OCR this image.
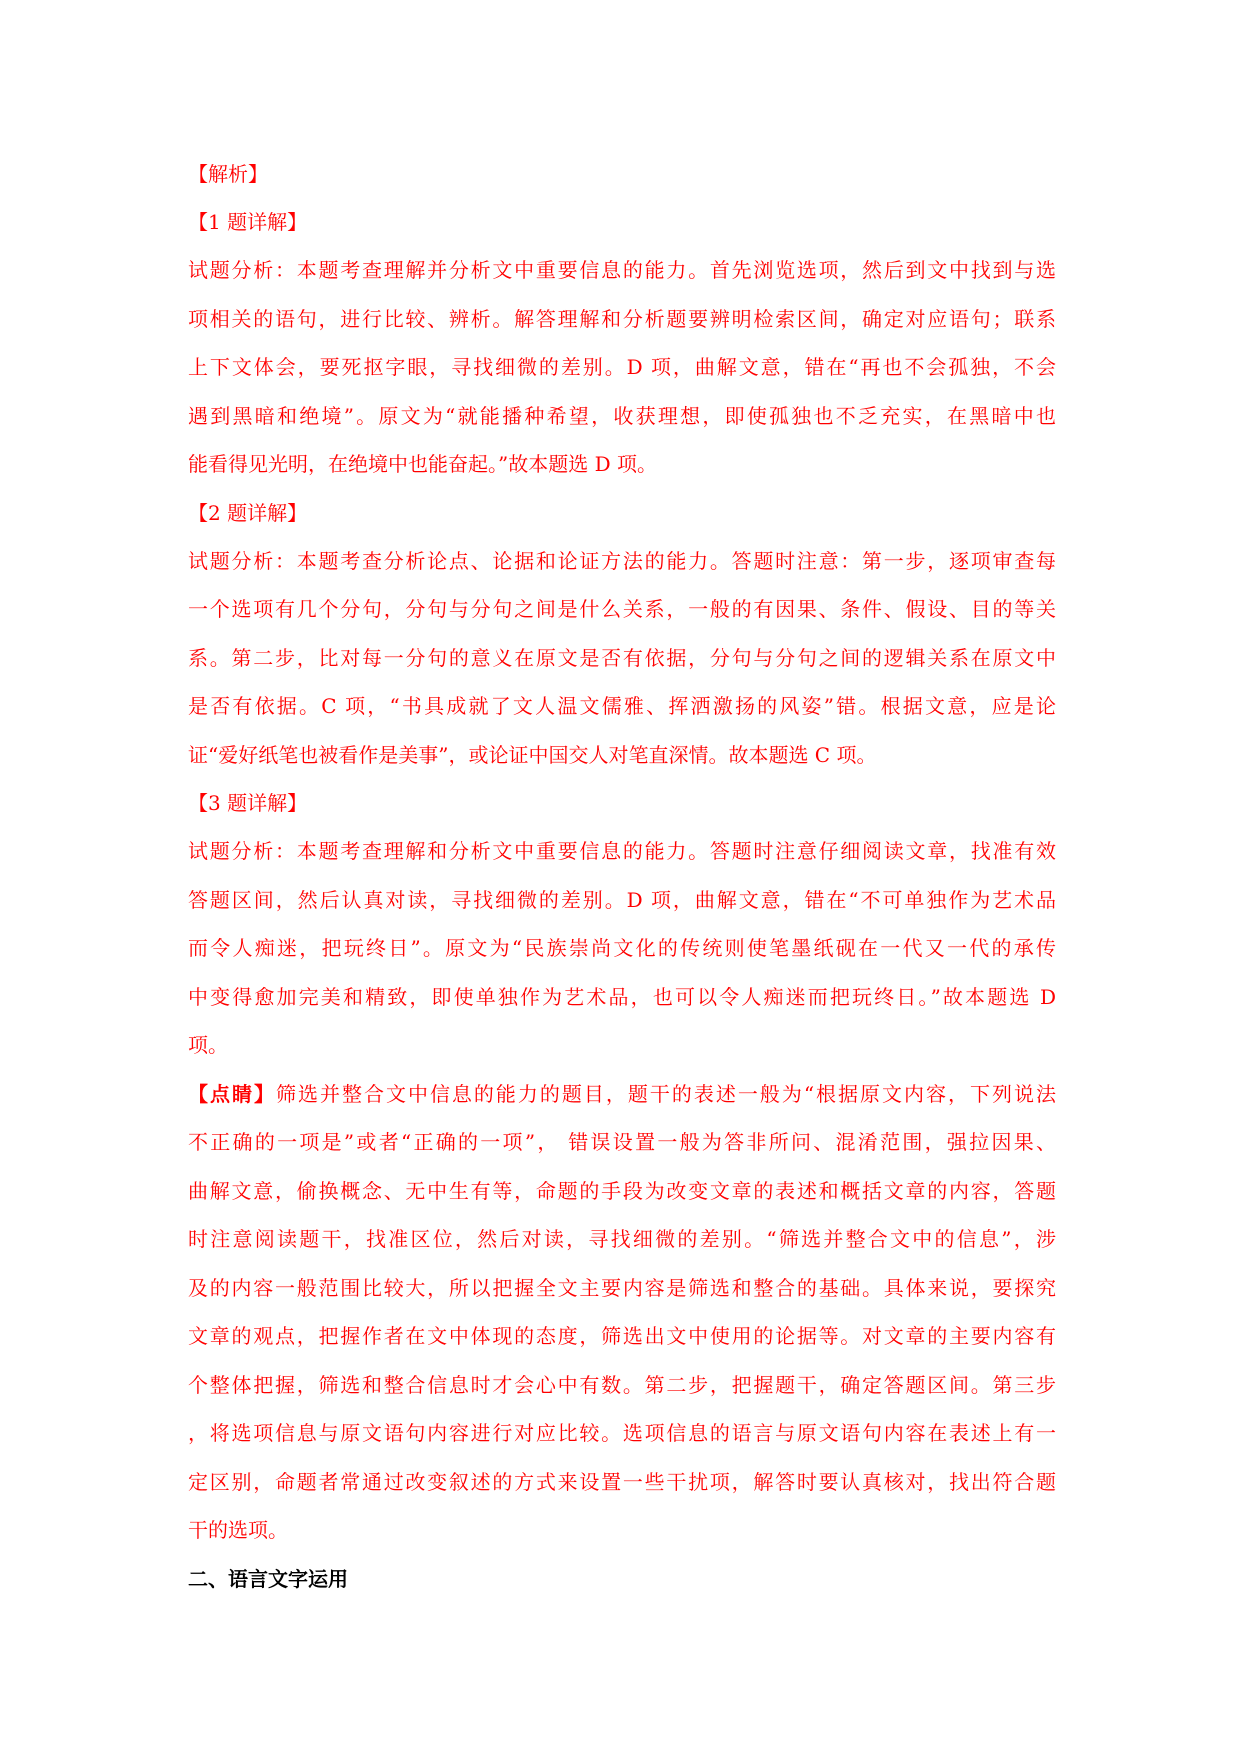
【解析】
【1 题详解】
试题分析：本题考查理解并分析文中重要信息的能力。首先浏览选项，然后到文中找到与选
项相关的语句，进行比较、辨析。解答理解和分析题要辨明检索区间，确定对应语句；联系
上下文体会，要死抠字眼，寻找细微的差别。D 项，曲解文意，错在“再也不会孤独，不会
遇到黑暗和绝境”。原文为“就能播种希望，收获理想，即使孤独也不乏充实，在黑暗中也
能看得见光明，在绝境中也能奋起。”故本题选 D 项。
【2 题详解】
试题分析：本题考查分析论点、论据和论证方法的能力。答题时注意：第一步，逐项审查每
一个选项有几个分句，分句与分句之间是什么关系，一般的有因果、条件、假设、目的等关
系。第二步，比对每一分句的意义在原文是否有依据，分句与分句之间的逻辑关系在原文中
是否有依据。C 项，“书具成就了文人温文儒雅、挥洒激扬的风姿”错。根据文意，应是论
证“爱好纸笔也被看作是美事”，或论证中国交人对笔直深情。故本题选 C 项。
【3 题详解】
试题分析：本题考查理解和分析文中重要信息的能力。答题时注意仔细阅读文章，找准有效
答题区间，然后认真对读，寻找细微的差别。D 项，曲解文意，错在“不可单独作为艺术品
而令人痴迷，把玩终日”。原文为“民族崇尚文化的传统则使笔墨纸砚在一代又一代的承传
中变得愈加完美和精致，即使单独作为艺术品，也可以令人痴迷而把玩终日。”故本题选 D
项。
【点睛】筛选并整合文中信息的能力的题目，题干的表述一般为“根据原文内容，下列说法
不正确的一项是”或者“正确的一项”， 错误设置一般为答非所问、混淆范围，强拉因果、
曲解文意，偷换概念、无中生有等，命题的手段为改变文章的表述和概括文章的内容，答题
时注意阅读题干，找准区位，然后对读，寻找细微的差别。“筛选并整合文中的信息”，涉
及的内容一般范围比较大，所以把握全文主要内容是筛选和整合的基础。具体来说，要探究
文章的观点，把握作者在文中体现的态度，筛选出文中使用的论据等。对文章的主要内容有
个整体把握，筛选和整合信息时才会心中有数。第二步，把握题干，确定答题区间。第三步
，将选项信息与原文语句内容进行对应比较。选项信息的语言与原文语句内容在表述上有一
定区别，命题者常通过改变叙述的方式来设置一些干扰项，解答时要认真核对，找出符合题
干的选项。
二、语言文字运用
